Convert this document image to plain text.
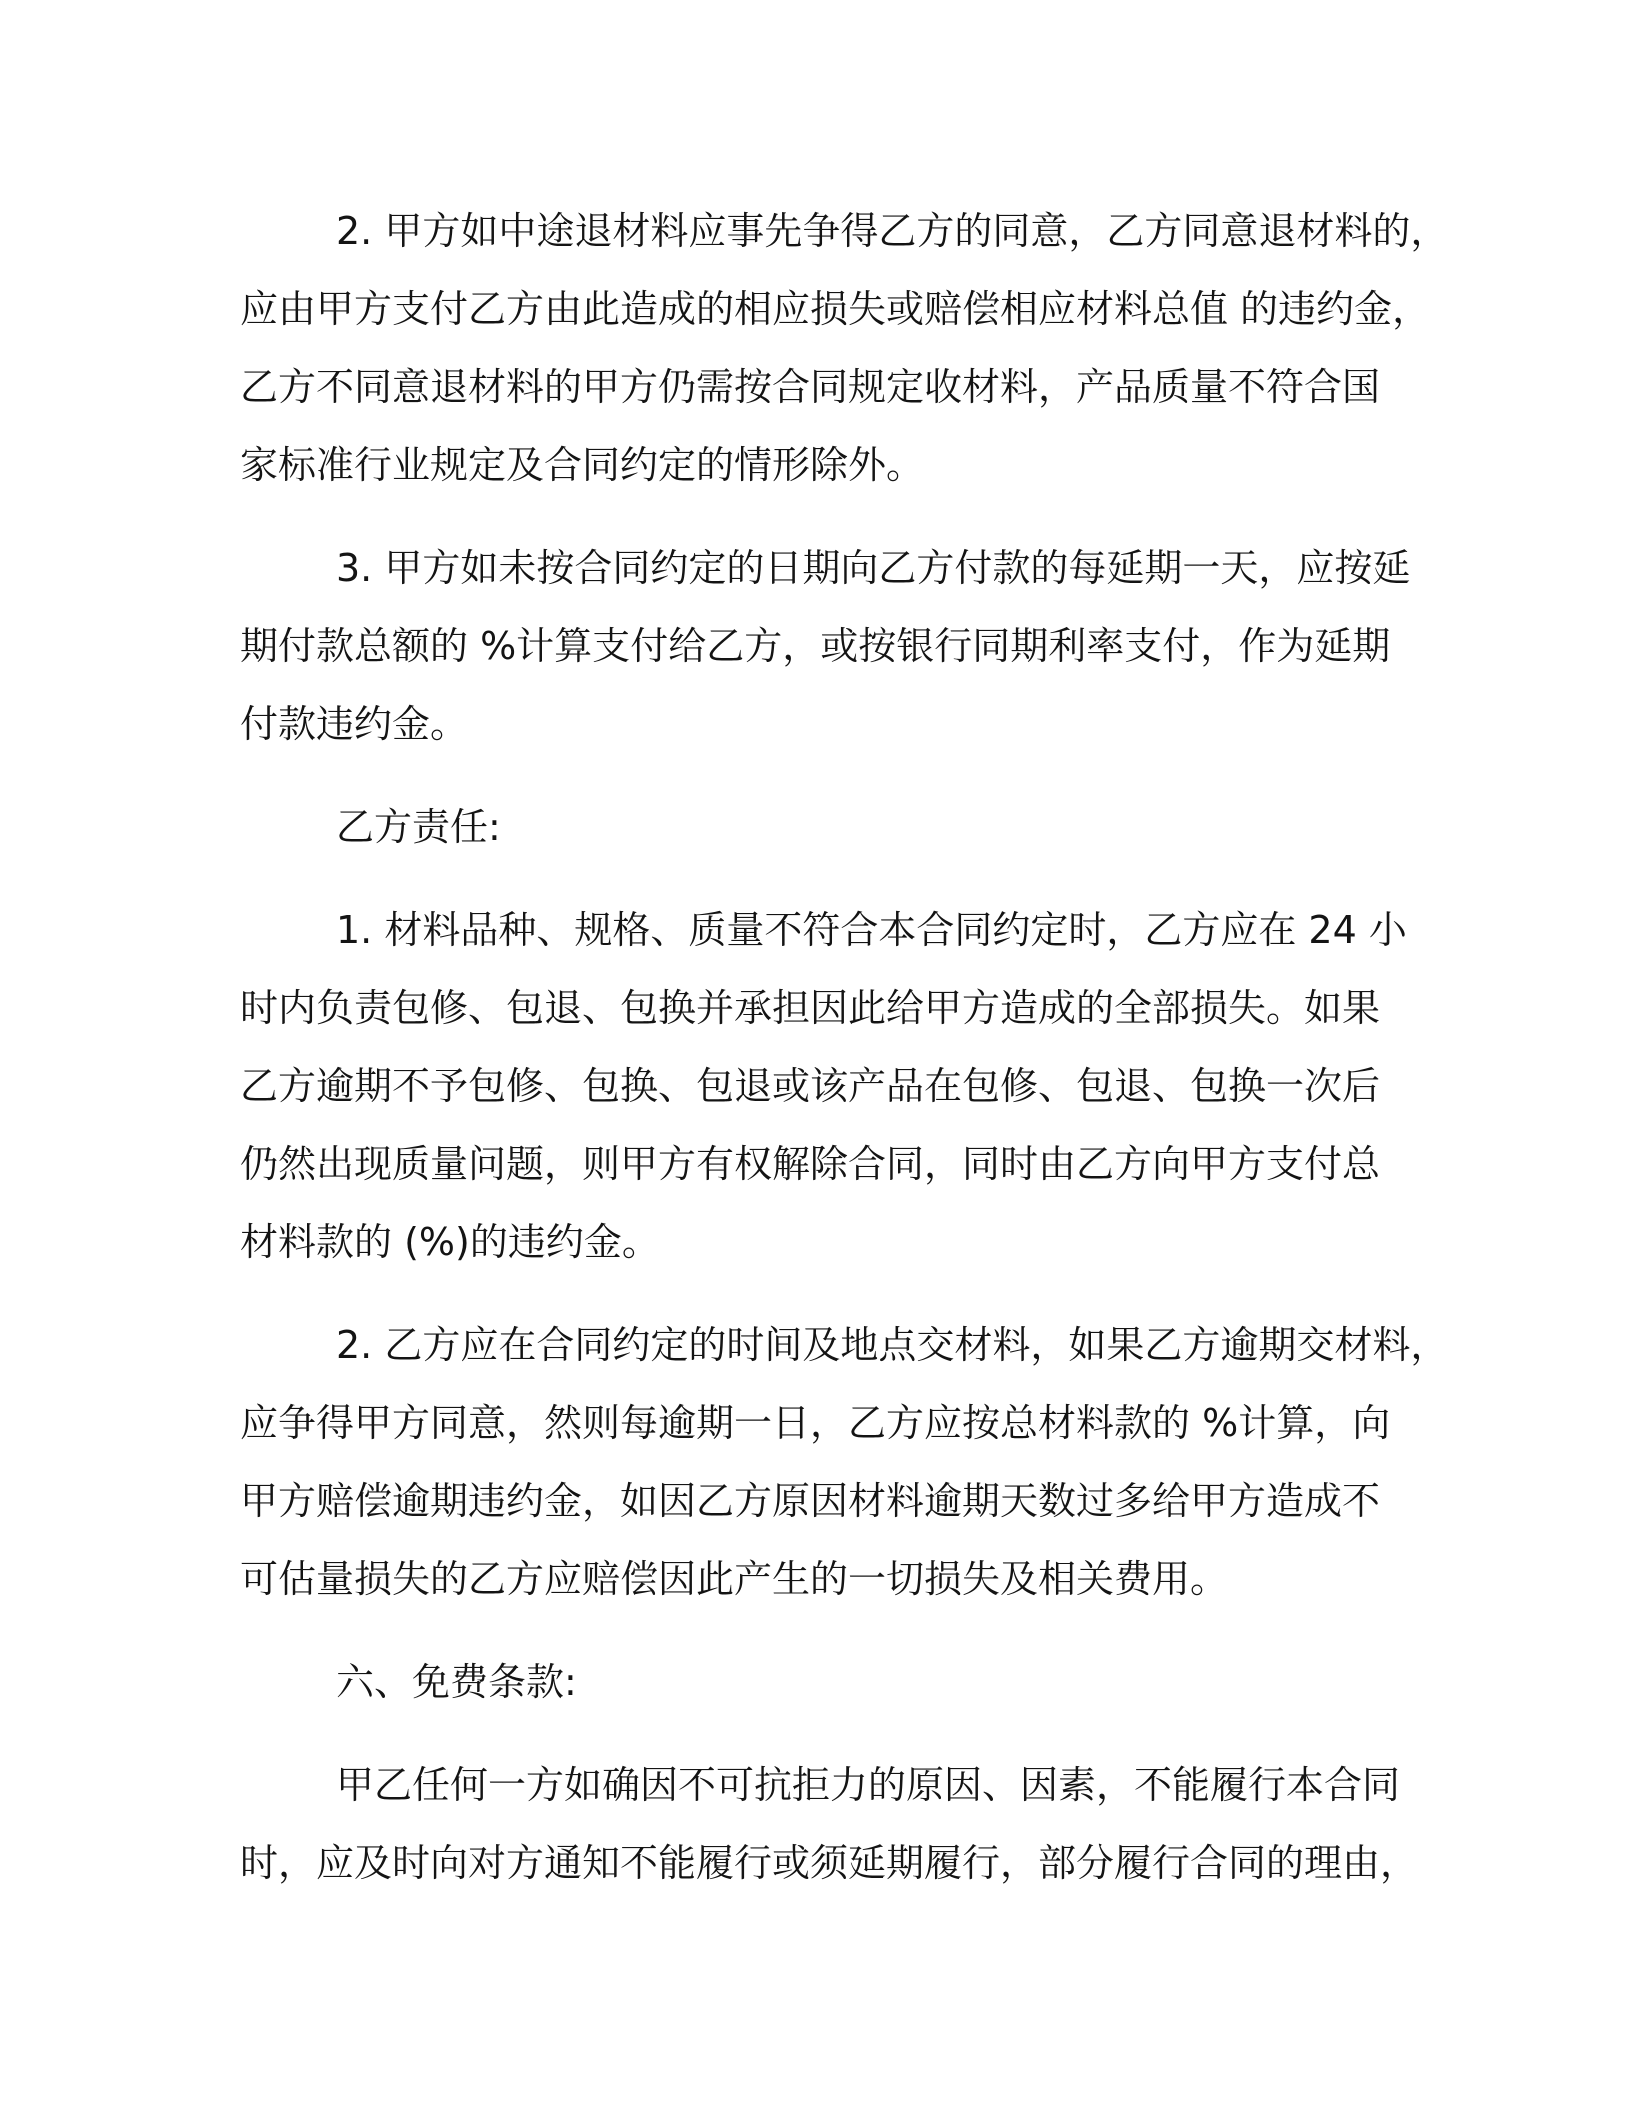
2. 甲方如中途退材料应事先争得乙方的同意，乙方同意退材料的，
应由甲方支付乙方由此造成的相应损失或赔偿相应材料总值 的违约金，
乙方不同意退材料的甲方仍需按合同规定收材料，产品质量不符合国
家标准行业规定及合同约定的情形除外。
3. 甲方如未按合同约定的日期向乙方付款的每延期一天，应按延
期付款总额的 %计算支付给乙方，或按银行同期利率支付，作为延期
付款违约金。
乙方责任:
1. 材料品种、规格、质量不符合本合同约定时，乙方应在 24 小
时内负责包修、包退、包换并承担因此给甲方造成的全部损失。如果
乙方逾期不予包修、包换、包退或该产品在包修、包退、包换一次后
仍然出现质量问题，则甲方有权解除合同，同时由乙方向甲方支付总
材料款的 (%)的违约金。
2. 乙方应在合同约定的时间及地点交材料，如果乙方逾期交材料，
应争得甲方同意，然则每逾期一日，乙方应按总材料款的 %计算，向
甲方赔偿逾期违约金，如因乙方原因材料逾期天数过多给甲方造成不
可估量损失的乙方应赔偿因此产生的一切损失及相关费用。
六、免费条款:
甲乙任何一方如确因不可抗拒力的原因、因素，不能履行本合同
时，应及时向对方通知不能履行或须延期履行，部分履行合同的理由，
